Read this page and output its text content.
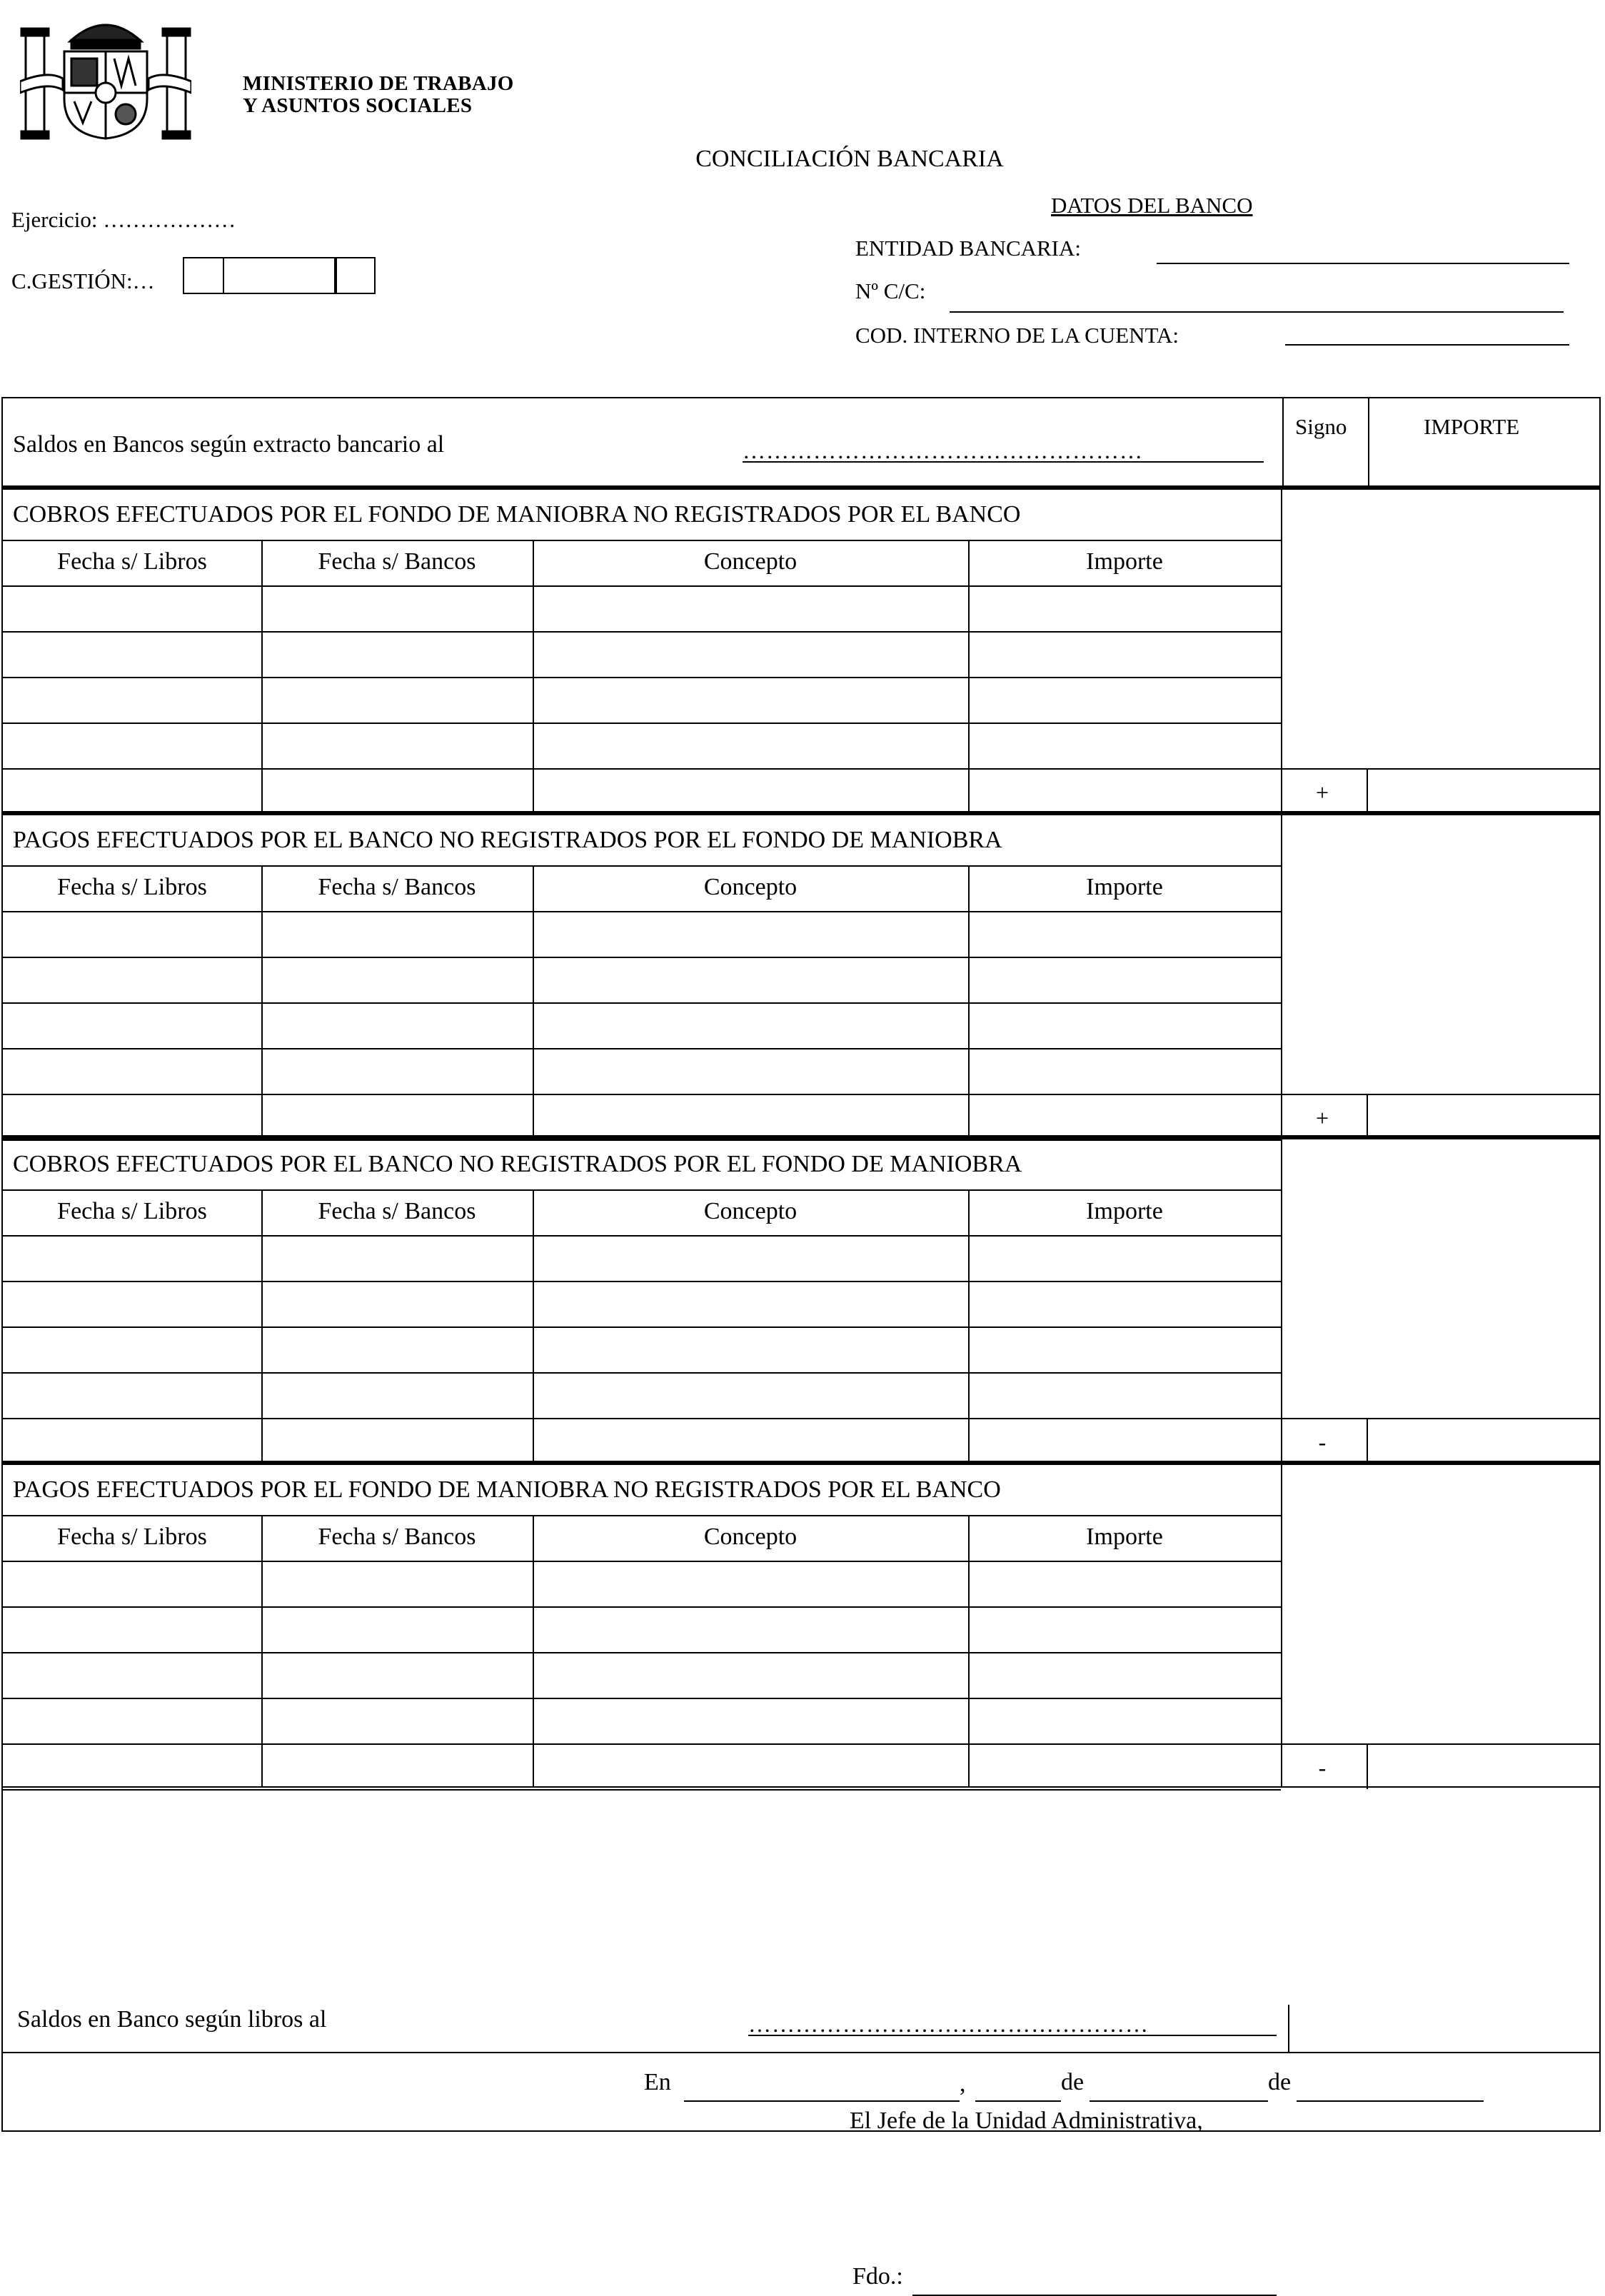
MINISTERIO DE TRABAJO
Y ASUNTOS SOCIALES
CONCILIACIÓN BANCARIA
Ejercicio: ………………
C.GESTIÓN:…
DATOS DEL BANCO
ENTIDAD BANCARIA:
Nº C/C:
COD. INTERNO DE LA CUENTA:
Saldos en Bancos según extracto bancario al	……………………………………………
Signo	IMPORTE
COBROS EFECTUADOS POR EL FONDO DE MANIOBRA NO REGISTRADOS POR EL BANCO
Fecha s/ Libros	Fecha s/ Bancos	Concepto	Importe
+
PAGOS EFECTUADOS POR EL BANCO NO REGISTRADOS POR EL FONDO DE MANIOBRA
Fecha s/ Libros	Fecha s/ Bancos	Concepto	Importe
+
COBROS EFECTUADOS POR EL BANCO NO REGISTRADOS POR EL FONDO DE MANIOBRA
Fecha s/ Libros	Fecha s/ Bancos	Concepto	Importe
-
PAGOS EFECTUADOS POR EL FONDO DE MANIOBRA NO REGISTRADOS POR EL BANCO
Fecha s/ Libros	Fecha s/ Bancos	Concepto	Importe
-
Saldos en Banco según libros al	……………………………………………
En	,	de	de
El Jefe de la Unidad Administrativa,
Fdo.:
